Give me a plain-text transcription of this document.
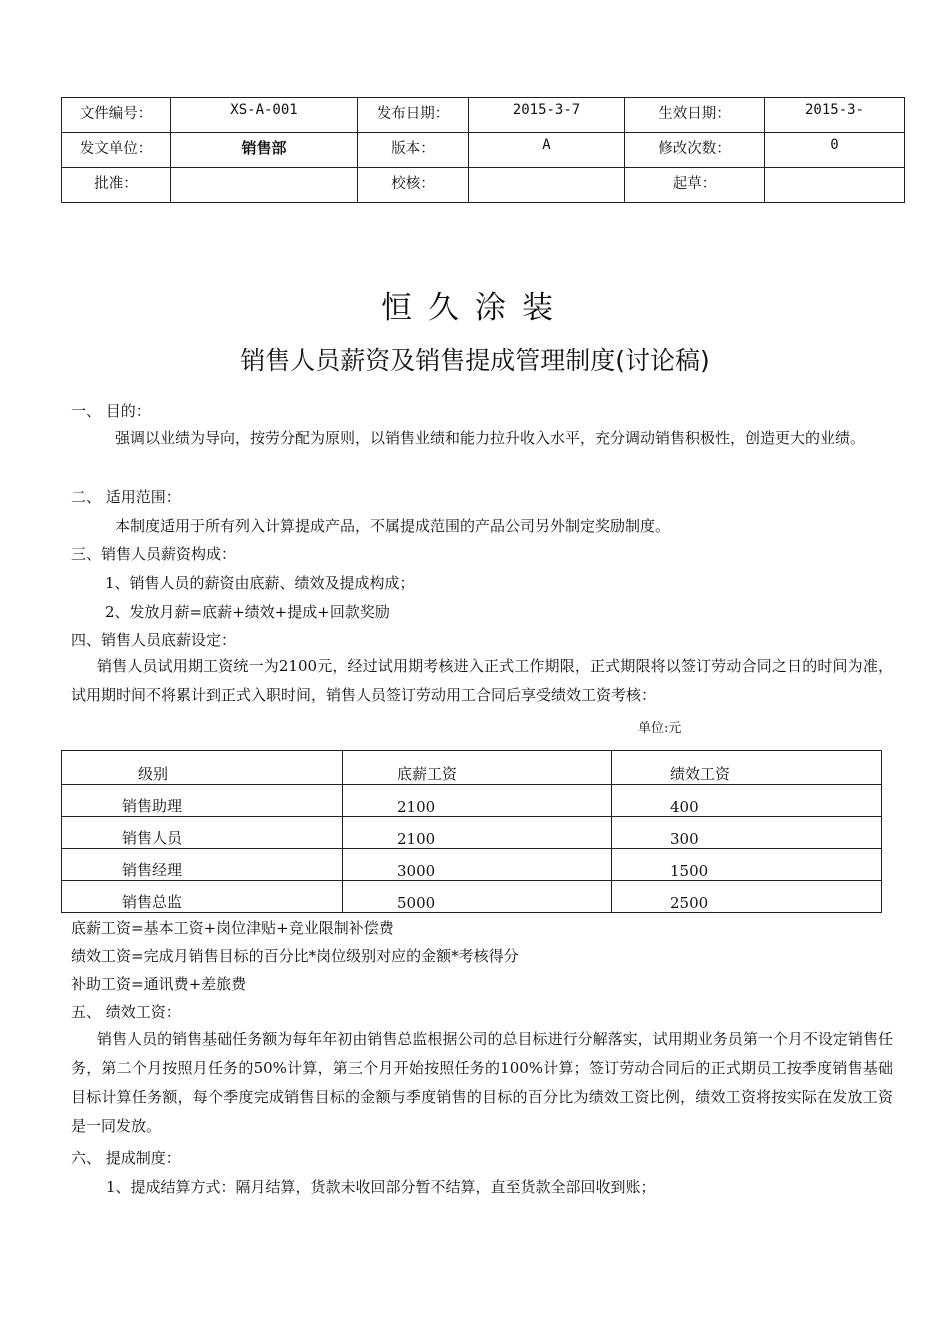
文件编号：	XS-A-001	发布日期：	2015-3-7	生效日期：	2015-3-
发文单位：	销售部	版本：	A	修改次数：	0
批准：		校核：		起草：	
恒久涂装
销售人员薪资及销售提成管理制度(讨论稿)
一、 目的：

强调以业绩为导向，按劳分配为原则，以销售业绩和能力拉升收入水平，充分调动销售积极性，创造更大的业绩。

二、 适用范围：
本制度适用于所有列入计算提成产品，不属提成范围的产品公司另外制定奖励制度。
三、销售人员薪资构成：
1、销售人员的薪资由底薪、绩效及提成构成；
2、发放月薪=底薪+绩效+提成+回款奖励
四、销售人员底薪设定：

销售人员试用期工资统一为2100元，经过试用期考核进入正式工作期限，正式期限将以签订劳动合同之日的时间为准，试用期时间不将累计到正式入职时间，销售人员签订劳动用工合同后享受绩效工资考核：

单位:元
级别	底薪工资	绩效工资
销售助理	2100	400
销售人员	2100	300
销售经理	3000	1500
销售总监	5000	2500
底薪工资=基本工资+岗位津贴+竞业限制补偿费
绩效工资=完成月销售目标的百分比*岗位级别对应的金额*考核得分
补助工资=通讯费+差旅费
五、 绩效工资：

销售人员的销售基础任务额为每年年初由销售总监根据公司的总目标进行分解落实，试用期业务员第一个月不设定销售任务，第二个月按照月任务的50%计算，第三个月开始按照任务的100%计算；签订劳动合同后的正式期员工按季度销售基础目标计算任务额，每个季度完成销售目标的金额与季度销售的目标的百分比为绩效工资比例，绩效工资将按实际在发放工资是一同发放。

六、 提成制度：
1、提成结算方式：隔月结算，货款未收回部分暂不结算，直至货款全部回收到账；
